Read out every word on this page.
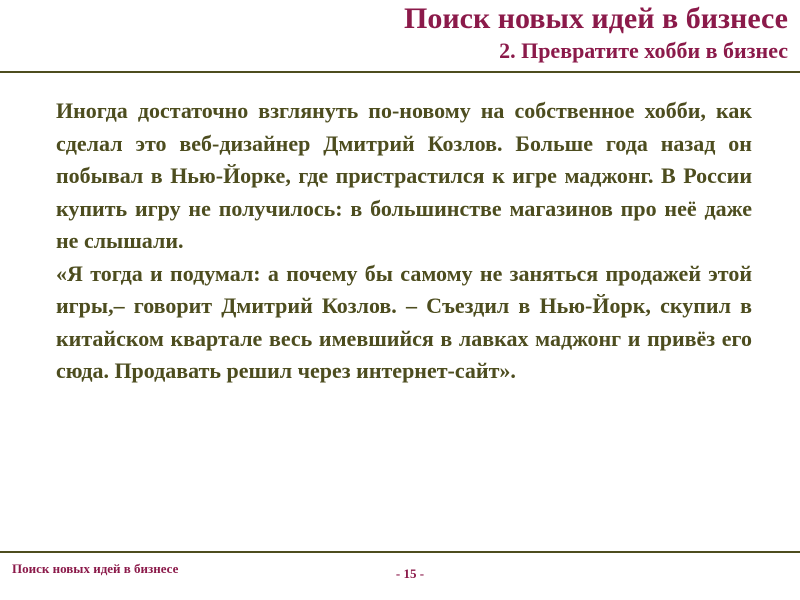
Поиск новых идей в бизнесе
2. Превратите хобби в бизнес

Иногда достаточно взглянуть по-новому на собственное хобби, как сделал это веб-дизайнер Дмитрий Козлов. Больше года назад он побывал в Нью-Йорке, где пристрастился к игре маджонг. В России купить игру не получилось: в большинстве магазинов про неё даже не слышали.

«Я тогда и подумал: а почему бы самому не заняться продажей этой игры,– говорит Дмитрий Козлов. – Съездил в Нью-Йорк, скупил в китайском квартале весь имевшийся в лавках маджонг и привёз его сюда. Продавать решил через интернет-сайт».

Поиск новых идей в бизнесе	- 15 -
